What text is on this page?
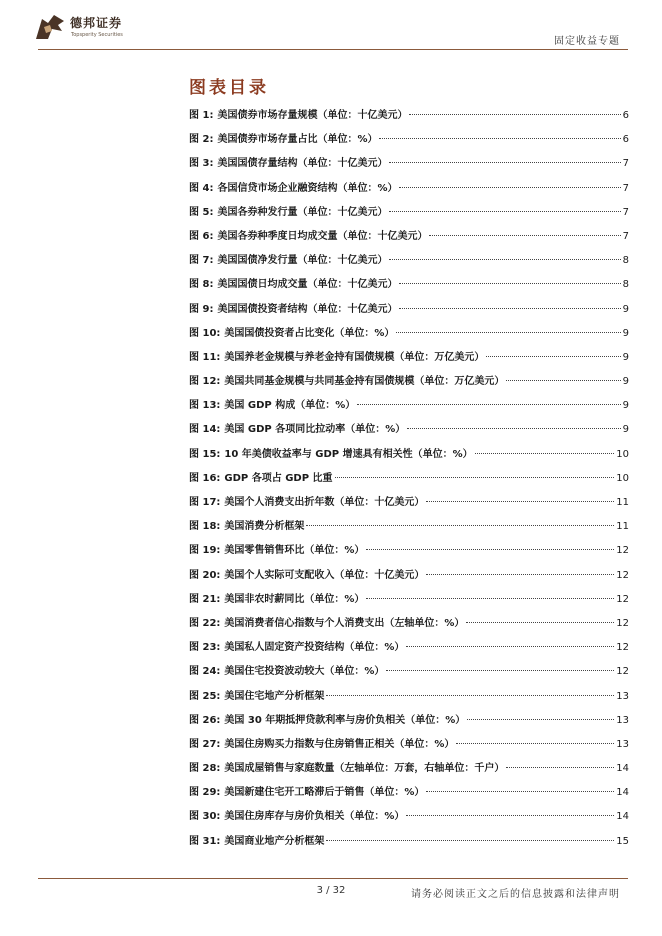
德邦证券
Topsperity Securities
固定收益专题
图表目录
图 1: 美国债券市场存量规模（单位：十亿美元）	6
图 2: 美国债券市场存量占比（单位：%）	6
图 3: 美国国债存量结构（单位：十亿美元）	7
图 4: 各国信贷市场企业融资结构（单位：%）	7
图 5: 美国各券种发行量（单位：十亿美元）	7
图 6: 美国各券种季度日均成交量（单位：十亿美元）	7
图 7: 美国国债净发行量（单位：十亿美元）	8
图 8: 美国国债日均成交量（单位：十亿美元）	8
图 9: 美国国债投资者结构（单位：十亿美元）	9
图 10: 美国国债投资者占比变化（单位：%）	9
图 11: 美国养老金规模与养老金持有国债规模（单位：万亿美元）	9
图 12: 美国共同基金规模与共同基金持有国债规模（单位：万亿美元）	9
图 13: 美国 GDP 构成（单位：%）	9
图 14: 美国 GDP 各项同比拉动率（单位：%）	9
图 15: 10 年美债收益率与 GDP 增速具有相关性（单位：%）	10
图 16: GDP 各项占 GDP 比重	10
图 17: 美国个人消费支出折年数（单位：十亿美元）	11
图 18: 美国消费分析框架	11
图 19: 美国零售销售环比（单位：%）	12
图 20: 美国个人实际可支配收入（单位：十亿美元）	12
图 21: 美国非农时薪同比（单位：%）	12
图 22: 美国消费者信心指数与个人消费支出（左轴单位：%）	12
图 23: 美国私人固定资产投资结构（单位：%）	12
图 24: 美国住宅投资波动较大（单位：%）	12
图 25: 美国住宅地产分析框架	13
图 26: 美国 30 年期抵押贷款利率与房价负相关（单位：%）	13
图 27: 美国住房购买力指数与住房销售正相关（单位：%）	13
图 28: 美国成屋销售与家庭数量（左轴单位：万套，右轴单位：千户）	14
图 29: 美国新建住宅开工略滞后于销售（单位：%）	14
图 30: 美国住房库存与房价负相关（单位：%）	14
图 31: 美国商业地产分析框架	15
3 / 32	请务必阅读正文之后的信息披露和法律声明
